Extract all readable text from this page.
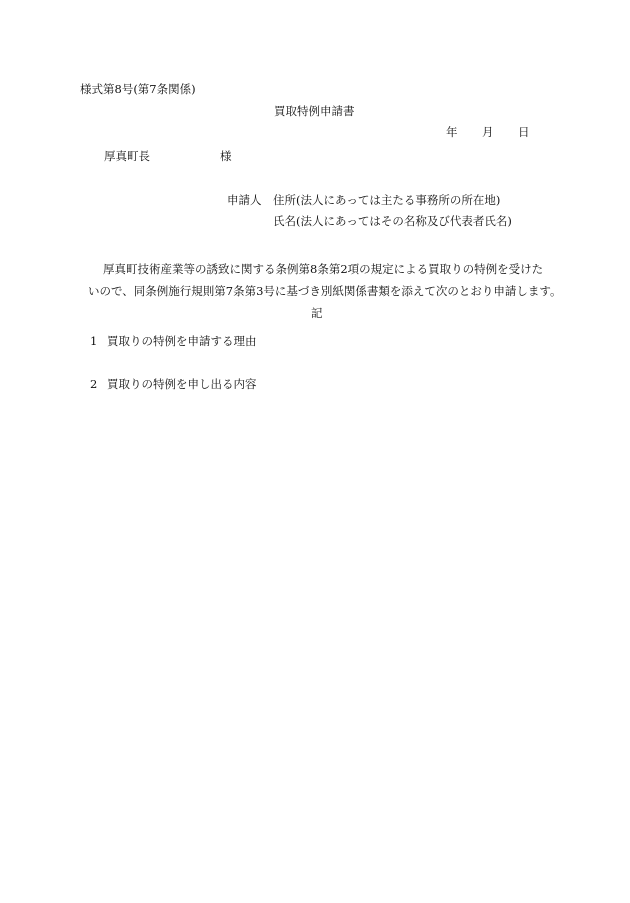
様式第8号(第7条関係)
買取特例申請書
年 月 日
厚真町長	様
申請人 住所(法人にあっては主たる事務所の所在地)
氏名(法人にあってはその名称及び代表者氏名)
厚真町技術産業等の誘致に関する条例第8条第2項の規定による買取りの特例を受けた
いので、同条例施行規則第7条第3号に基づき別紙関係書類を添えて次のとおり申請します。
記
1 買取りの特例を申請する理由
2 買取りの特例を申し出る内容
